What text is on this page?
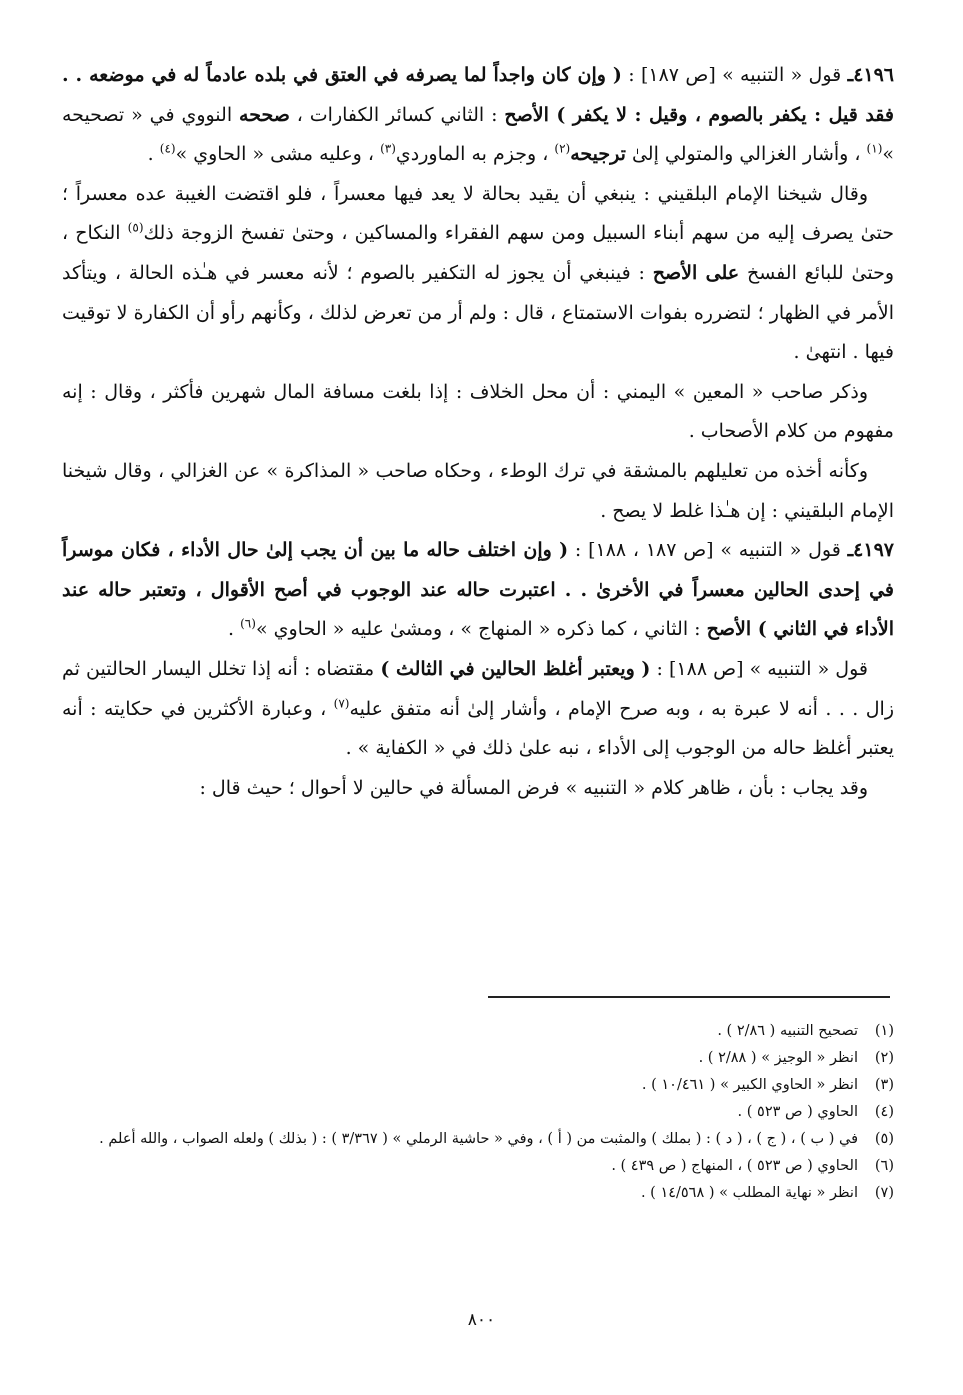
٤١٩٦ـ قول « التنبيه » [ص ١٨٧] : ( وإن كان واجداً لما يصرفه في العتق في بلده عادماً له في موضعه . . فقد قيل : يكفر بالصوم ، وقيل : لا يكفر ) الأصح : الثاني كسائر الكفارات ، صححه النووي في « تصحيحه »$^{(١)}$ ، وأشار الغزالي والمتولي إلىٰ ترجيحه$^{(٢)}$ ، وجزم به الماوردي$^{(٣)}$ ، وعليه مشى « الحاوي »$^{(٤)}$ .
وقال شيخنا الإمام البلقيني : ينبغي أن يقيد بحالة لا يعد فيها معسراً ، فلو اقتضت الغيبة عده معسراً ؛ حتىٰ يصرف إليه من سهم أبناء السبيل ومن سهم الفقراء والمساكين ، وحتىٰ تفسخ الزوجة ذلك$^{(٥)}$ النكاح ، وحتىٰ للبائع الفسخ على الأصح : فينبغي أن يجوز له التكفير بالصوم ؛ لأنه معسر في هـٰذه الحالة ، ويتأكد الأمر في الظهار ؛ لتضرره بفوات الاستمتاع ، قال : ولم أر من تعرض لذلك ، وكأنهم رأو أن الكفارة لا توقيت فيها . انتهىٰ .
وذكر صاحب « المعين » اليمني : أن محل الخلاف : إذا بلغت مسافة المال شهرين فأكثر ، وقال : إنه مفهوم من كلام الأصحاب .
وكأنه أخذه من تعليلهم بالمشقة في ترك الوطء ، وحكاه صاحب « المذاكرة » عن الغزالي ، وقال شيخنا الإمام البلقيني : إن هـٰذا غلط لا يصح .
٤١٩٧ـ قول « التنبيه » [ص ١٨٧ ، ١٨٨] : ( وإن اختلف حاله ما بين أن يجب إلىٰ حال الأداء ، فكان موسراً في إحدى الحالين معسراً في الأخرىٰ . . اعتبرت حاله عند الوجوب في أصح الأقوال ، وتعتبر حاله عند الأداء في الثاني ) الأصح : الثاني ، كما ذكره « المنهاج » ، ومشىٰ عليه « الحاوي »$^{(٦)}$ .
قول « التنبيه » [ص ١٨٨] : ( ويعتبر أغلظ الحالين في الثالث ) مقتضاه : أنه إذا تخلل اليسار الحالتين ثم زال . . . أنه لا عبرة به ، وبه صرح الإمام ، وأشار إلىٰ أنه متفق عليه$^{(٧)}$ ، وعبارة الأكثرين في حكايته : أنه يعتبر أغلظ حاله من الوجوب إلى الأداء ، نبه علىٰ ذلك في « الكفاية » .
وقد يجاب : بأن ، ظاهر كلام « التنبيه » فرض المسألة في حالين لا أحوال ؛ حيث قال :
(١)
تصحيح التنبيه ( ٢/٨٦ ) .
(٢)
انظر « الوجيز » ( ٢/٨٨ ) .
(٣)
انظر « الحاوي الكبير » ( ١٠/٤٦١ ) .
(٤)
الحاوي ( ص ٥٢٣ ) .
(٥)
في ( ب ) ، ( ج ) ، ( د ) : ( بملك ) والمثبت من ( أ ) ، وفي « حاشية الرملي » ( ٣/٣٦٧ ) : ( بذلك ) ولعله الصواب ، والله أعلم .
(٦)
الحاوي ( ص ٥٢٣ ) ، المنهاج ( ص ٤٣٩ ) .
(٧)
انظر « نهاية المطلب » ( ١٤/٥٦٨ ) .
٨٠٠
